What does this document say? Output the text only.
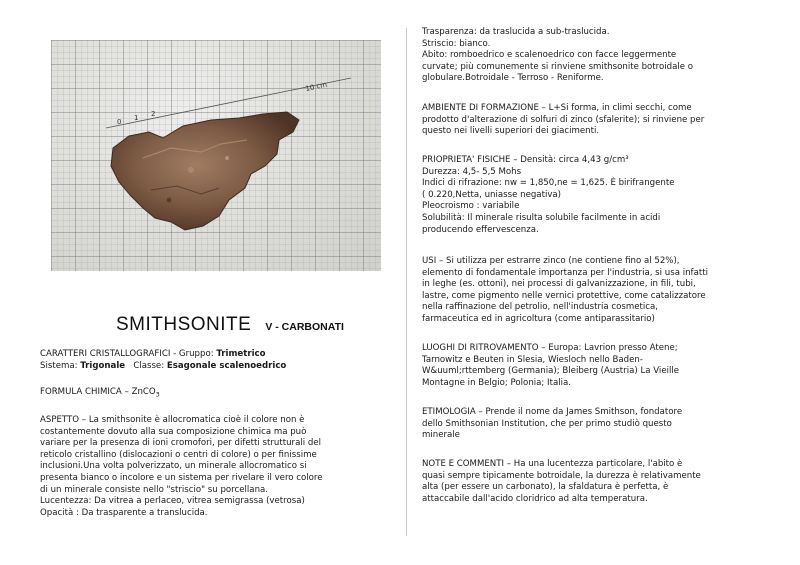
0 1 2
10 cm
SMITHSONITE V - CARBONATI
CARATTERI CRISTALLOGRAFICI - Gruppo: Trimetrico
Sistema: Trigonale Classe: Esagonale scalenoedrico
FORMULA CHIMICA – ZnCO$_3$
ASPETTO – La smithsonite è allocromatica cioè il colore non è
costantemente dovuto alla sua composizione chimica ma può
variare per la presenza di ioni cromofori, per difetti strutturali del
reticolo cristallino (dislocazioni o centri di colore) o per finissime
inclusioni.Una volta polverizzato, un minerale allocromatico si
presenta bianco o incolore e un sistema per rivelare il vero colore
di un minerale consiste nello "striscio" su porcellana.
Lucentezza: Da vitrea a perlaceo, vitrea semigrassa (vetrosa)
Opacità : Da trasparente a translucida.
Trasparenza: da traslucida a sub-traslucida.
Striscio: bianco.
Abito: romboedrico e scalenoedrico con facce leggermente
curvate; più comunemente si rinviene smithsonite botroidale o
globulare.Botroidale - Terroso - Reniforme.
AMBIENTE DI FORMAZIONE – L+Si forma, in climi secchi, come
prodotto d'alterazione di solfuri di zinco (sfalerite); si rinviene per
questo nei livelli superiori dei giacimenti.
PRIOPRIETA' FISICHE – Densità: circa 4,43 g/cm³
Durezza: 4,5- 5,5 Mohs
Indici di rifrazione: nw = 1,850,ne = 1,625. È birifrangente
( 0.220,Netta, uniasse negativa)
Pleocroismo : variabile
Solubilità: Il minerale risulta solubile facilmente in acidi
producendo effervescenza.
USI – Si utilizza per estrarre zinco (ne contiene fino al 52%),
elemento di fondamentale importanza per l'industria, si usa infatti
in leghe (es. ottoni), nei processi di galvanizzazione, in fili, tubi,
lastre, come pigmento nelle vernici protettive, come catalizzatore
nella raffinazione del petrolio, nell'industria cosmetica,
farmaceutica ed in agricoltura (come antiparassitario)
LUOGHI DI RITROVAMENTO – Europa: Lavrion presso Atene;
Tarnowitz e Beuten in Slesia, Wiesloch nello Baden-
W&uuml;rttemberg (Germania); Bleiberg (Austria) La Vieille
Montagne in Belgio; Polonia; Italia.
ETIMOLOGIA – Prende il nome da James Smithson, fondatore
dello Smithsonian Institution, che per primo studiò questo
minerale
NOTE E COMMENTI – Ha una lucentezza particolare, l'abito è
quasi sempre tipicamente botroidale, la durezza è relativamente
alta (per essere un carbonato), la sfaldatura è perfetta, è
attaccabile dall'acido cloridrico ad alta temperatura.
